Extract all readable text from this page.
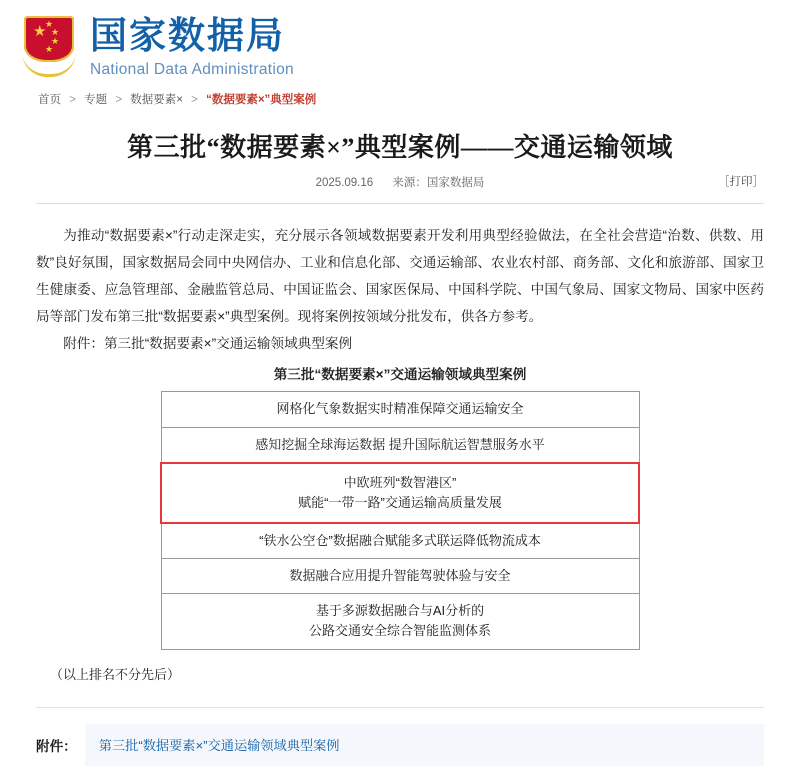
★
★
★
★
★ 国家数据局
National Data Administration
首页 > 专题 > 数据要素× > “数据要素×”典型案例
第三批“数据要素×”典型案例——交通运输领域
2025.09.16 来源：国家数据局	［打印］

为推动“数据要素×”行动走深走实，充分展示各领域数据要素开发利用典型经验做法，在全社会营造“治数、供数、用数”良好氛围，国家数据局会同中央网信办、工业和信息化部、交通运输部、农业农村部、商务部、文化和旅游部、国家卫生健康委、应急管理部、金融监管总局、中国证监会、国家医保局、中国科学院、中国气象局、国家文物局、国家中医药局等部门发布第三批“数据要素×”典型案例。现将案例按领域分批发布，供各方参考。

附件：第三批“数据要素×”交通运输领域典型案例

第三批“数据要素×”交通运输领域典型案例
网格化气象数据实时精准保障交通运输安全

感知挖掘全球海运数据 提升国际航运智慧服务水平

中欧班列“数智港区”
赋能“一带一路”交通运输高质量发展

“铁水公空仓”数据融合赋能多式联运降低物流成本

数据融合应用提升智能驾驶体验与安全

基于多源数据融合与AI分析的
公路交通安全综合智能监测体系
（以上排名不分先后）
附件：	第三批“数据要素×”交通运输领域典型案例
